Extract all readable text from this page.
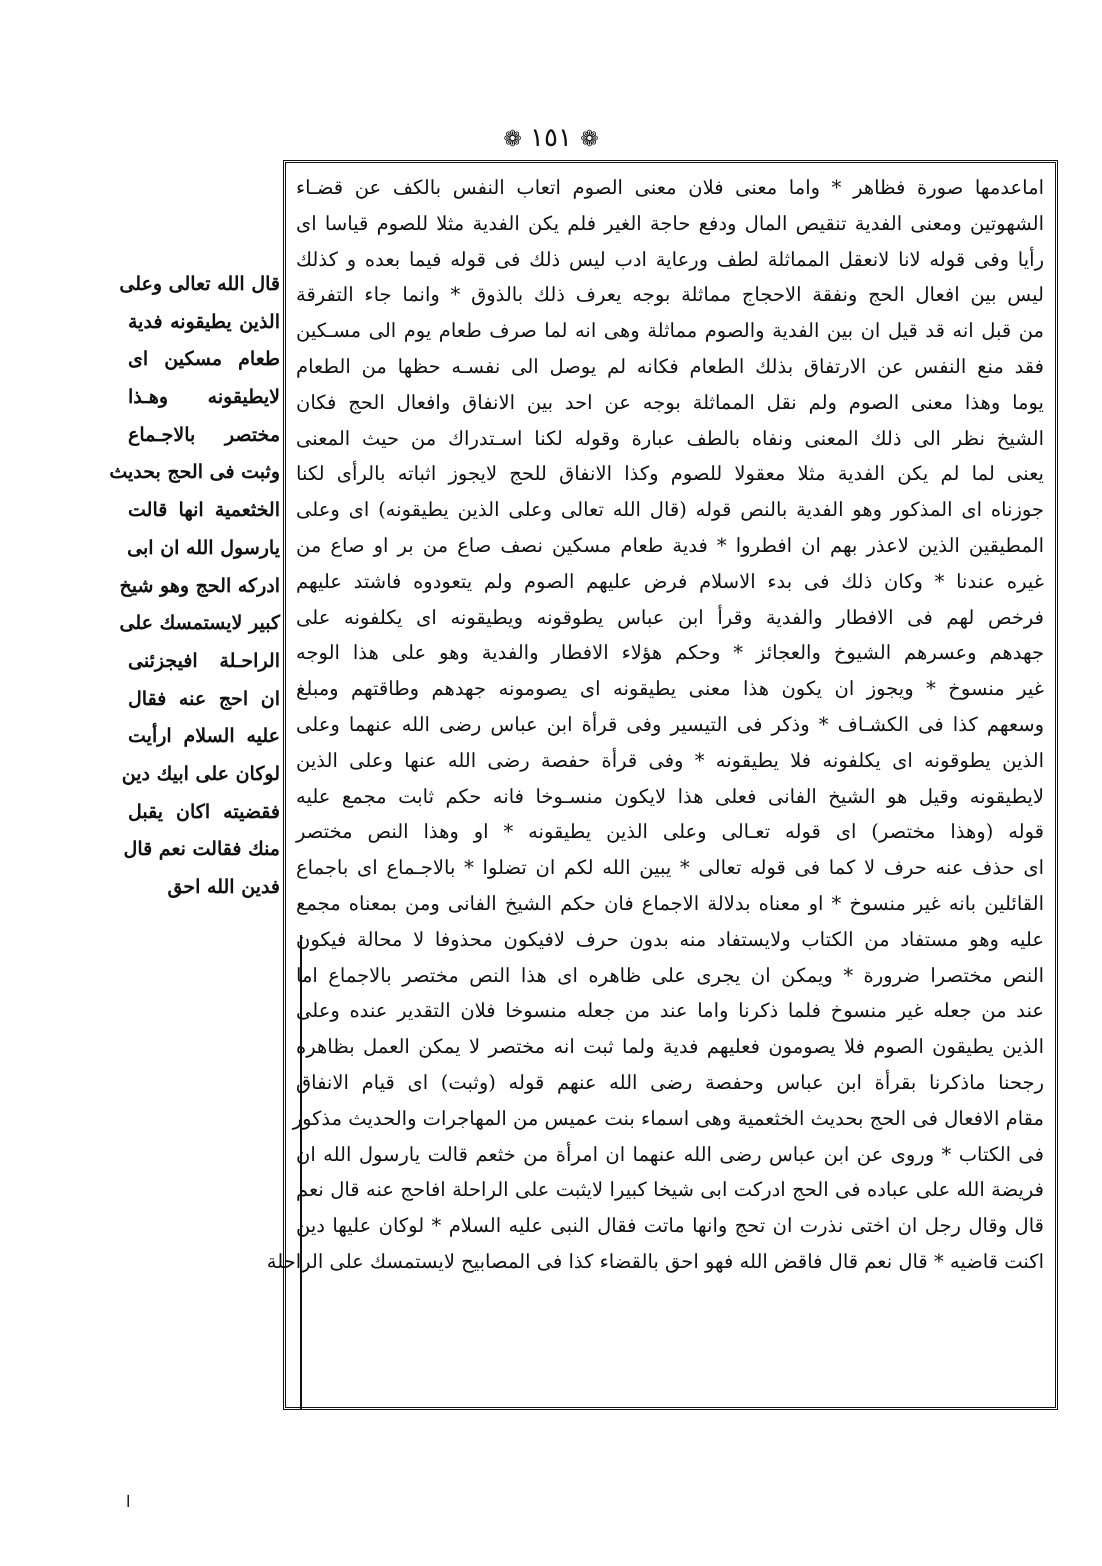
❁ ١٥١ ❁
اماعدمها صورة فظاهر * واما معنى فلان معنى الصوم اتعاب النفس بالكف عن قضـاء
الشهوتين ومعنى الفدية تنقيص المال ودفع حاجة الغير فلم يكن الفدية مثلا للصوم قياسا اى
رأيا وفى قوله لانا لانعقل المماثلة لطف ورعاية ادب ليس ذلك فى قوله فيما بعده و كذلك
ليس بين افعال الحج ونفقة الاحجاج مماثلة بوجه يعرف ذلك بالذوق * وانما جاء التفرقة
من قبل انه قد قيل ان بين الفدية والصوم مماثلة وهى انه لما صرف طعام يوم الى مسـكين
فقد منع النفس عن الارتفاق بذلك الطعام فكانه لم يوصل الى نفسـه حظها من الطعام
يوما وهذا معنى الصوم ولم نقل المماثلة بوجه عن احد بين الانفاق وافعال الحج فكان
الشيخ نظر الى ذلك المعنى ونفاه بالطف عبارة وقوله لكنا اسـتدراك من حيث المعنى
يعنى لما لم يكن الفدية مثلا معقولا للصوم وكذا الانفاق للحج لايجوز اثباته بالرأى لكنا
جوزناه اى المذكور وهو الفدية بالنص قوله (قال الله تعالى وعلى الذين يطيقونه) اى وعلى
المطيقين الذين لاعذر بهم ان افطروا * فدية طعام مسكين نصف صاع من بر او صاع من
غيره عندنا * وكان ذلك فى بدء الاسلام فرض عليهم الصوم ولم يتعودوه فاشتد عليهم
فرخص لهم فى الافطار والفدية وقرأ ابن عباس يطوقونه ويطيقونه اى يكلفونه على
جهدهم وعسرهم الشيوخ والعجائز * وحكم هؤلاء الافطار والفدية وهو على هذا الوجه
غير منسوخ * ويجوز ان يكون هذا معنى يطيقونه اى يصومونه جهدهم وطاقتهم ومبلغ
وسعهم كذا فى الكشـاف * وذكر فى التيسير وفى قرأة ابن عباس رضى الله عنهما وعلى
الذين يطوقونه اى يكلفونه فلا يطيقونه * وفى قرأة حفصة رضى الله عنها وعلى الذين
لايطيقونه وقيل هو الشيخ الفانى فعلى هذا لايكون منسـوخا فانه حكم ثابت مجمع عليه
قوله (وهذا مختصر) اى قوله تعـالى وعلى الذين يطيقونه * او وهذا النص مختصر
اى حذف عنه حرف لا كما فى قوله تعالى * يبين الله لكم ان تضلوا * بالاجـماع اى باجماع
القائلين بانه غير منسوخ * او معناه بدلالة الاجماع فان حكم الشيخ الفانى ومن بمعناه مجمع
عليه وهو مستفاد من الكتاب ولايستفاد منه بدون حرف لافيكون محذوفا لا محالة فيكون
النص مختصرا ضرورة * ويمكن ان يجرى على ظاهره اى هذا النص مختصر بالاجماع اما
عند من جعله غير منسوخ فلما ذكرنا واما عند من جعله منسوخا فلان التقدير عنده وعلى
الذين يطيقون الصوم فلا يصومون فعليهم فدية ولما ثبت انه مختصر لا يمكن العمل بظاهره
رجحنا ماذكرنا بقرأة ابن عباس وحفصة رضى الله عنهم قوله (وثبت) اى قيام الانفاق
مقام الافعال فى الحج بحديث الخثعمية وهى اسماء بنت عميس من المهاجرات والحديث مذكور
فى الكتاب * وروى عن ابن عباس رضى الله عنهما ان امرأة من خثعم قالت يارسول الله ان
فريضة الله على عباده فى الحج ادركت ابى شيخا كبيرا لايثبت على الراحلة افاحج عنه قال نعم
قال وقال رجل ان اختى نذرت ان تحج وانها ماتت فقال النبى عليه السلام * لوكان عليها دين
اكنت قاضيه * قال نعم قال فاقض الله فهو احق بالقضاء كذا فى المصابيح لايستمسك على الراحلة
قال الله تعالى وعلى
الذين يطيقونه فدية
طعام مسكين اى
لايطيقونه وهـذا
مختصر بالاجـماع
وثبت فى الحج بحديث
الخثعمية انها قالت
يارسول الله ان ابى
ادركه الحج وهو شيخ
كبير لايستمسك على
الراحـلة افيجزئنى
ان احج عنه فقال
عليه السلام ارأيت
لوكان على ابيك دين
فقضيته اكان يقبل
منك فقالت نعم قال
فدين الله احق
ا
